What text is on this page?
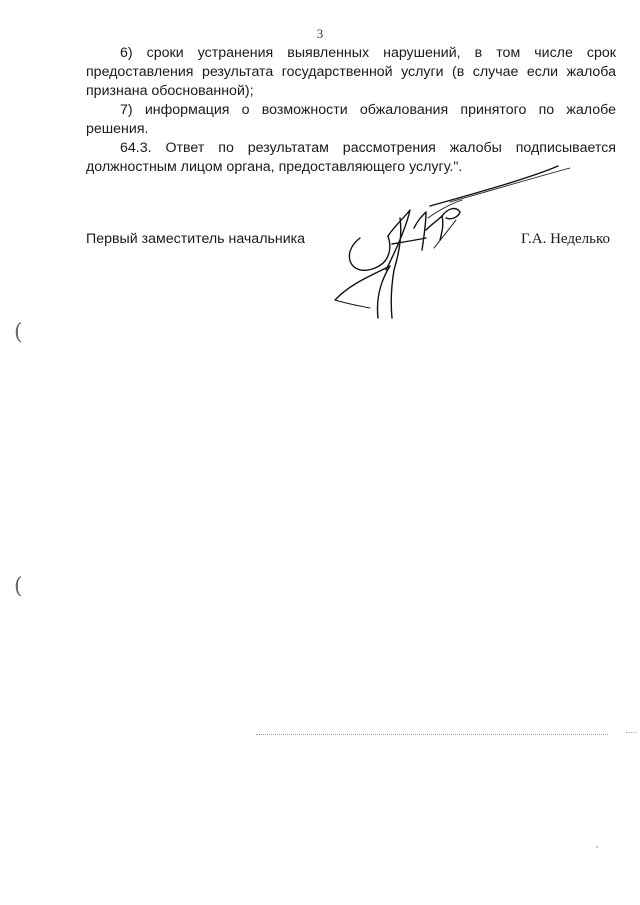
3

6) сроки устранения выявленных нарушений, в том числе срок предоставления результата государственной услуги (в случае если жалоба признана обоснованной);

7) информация о возможности обжалования принятого по жалобе решения.

64.3. Ответ по результатам рассмотрения жалобы подписывается должностным лицом органа, предоставляющего услугу.".

Первый заместитель начальника	Г.А. Неделько
(
(
